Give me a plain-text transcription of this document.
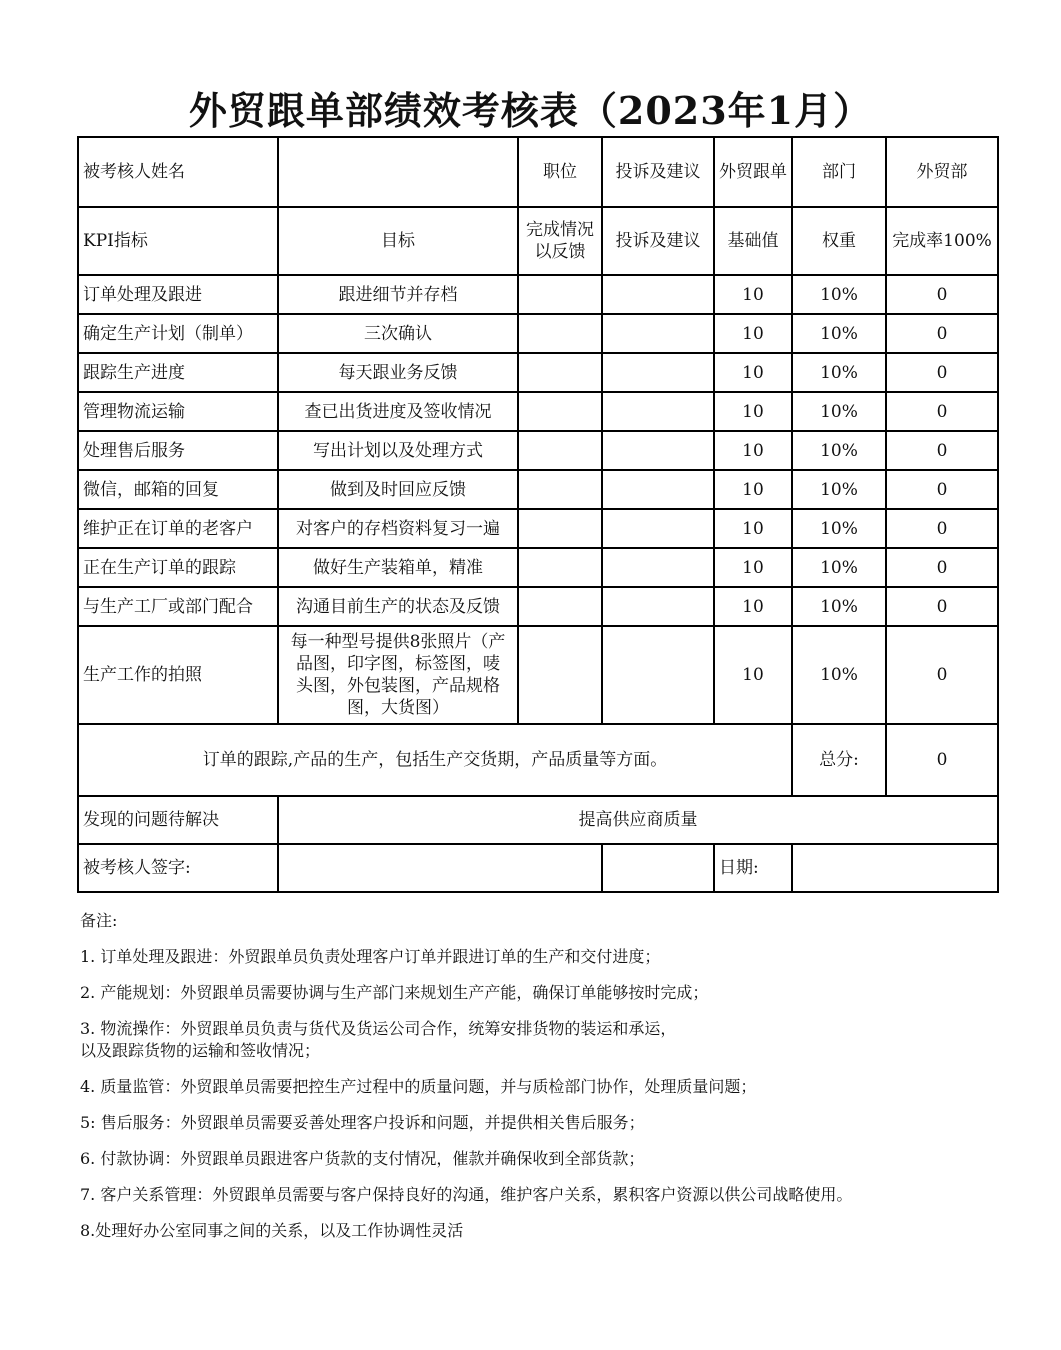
外贸跟单部绩效考核表（2023年1月）
被考核人姓名		职位	投诉及建议	外贸跟单	部门	外贸部
KPI指标	目标	完成情况以反馈	投诉及建议	基础值	权重	完成率100%
订单处理及跟进	跟进细节并存档			10	10%	0
确定生产计划（制单）	三次确认			10	10%	0
跟踪生产进度	每天跟业务反馈			10	10%	0
管理物流运输	查已出货进度及签收情况			10	10%	0
处理售后服务	写出计划以及处理方式			10	10%	0
微信，邮箱的回复	做到及时回应反馈			10	10%	0
维护正在订单的老客户	对客户的存档资料复习一遍			10	10%	0
正在生产订单的跟踪	做好生产装箱单，精准			10	10%	0
与生产工厂或部门配合	沟通目前生产的状态及反馈			10	10%	0
生产工作的拍照	每一种型号提供8张照片（产品图，印字图，标签图，唛头图，外包装图，产品规格图，大货图）			10	10%	0
订单的跟踪,产品的生产，包括生产交货期，产品质量等方面。					总分:	0
发现的问题待解决	提高供应商质量					
被考核人签字:				日期:		
备注:
1. 订单处理及跟进：外贸跟单员负责处理客户订单并跟进订单的生产和交付进度；
2. 产能规划：外贸跟单员需要协调与生产部门来规划生产产能，确保订单能够按时完成；
3. 物流操作：外贸跟单员负责与货代及货运公司合作，统筹安排货物的装运和承运，
以及跟踪货物的运输和签收情况；
4. 质量监管：外贸跟单员需要把控生产过程中的质量问题，并与质检部门协作，处理质量问题；
5: 售后服务：外贸跟单员需要妥善处理客户投诉和问题，并提供相关售后服务；
6. 付款协调：外贸跟单员跟进客户货款的支付情况，催款并确保收到全部货款；
7. 客户关系管理：外贸跟单员需要与客户保持良好的沟通，维护客户关系，累积客户资源以供公司战略使用。
8.处理好办公室同事之间的关系，以及工作协调性灵活
